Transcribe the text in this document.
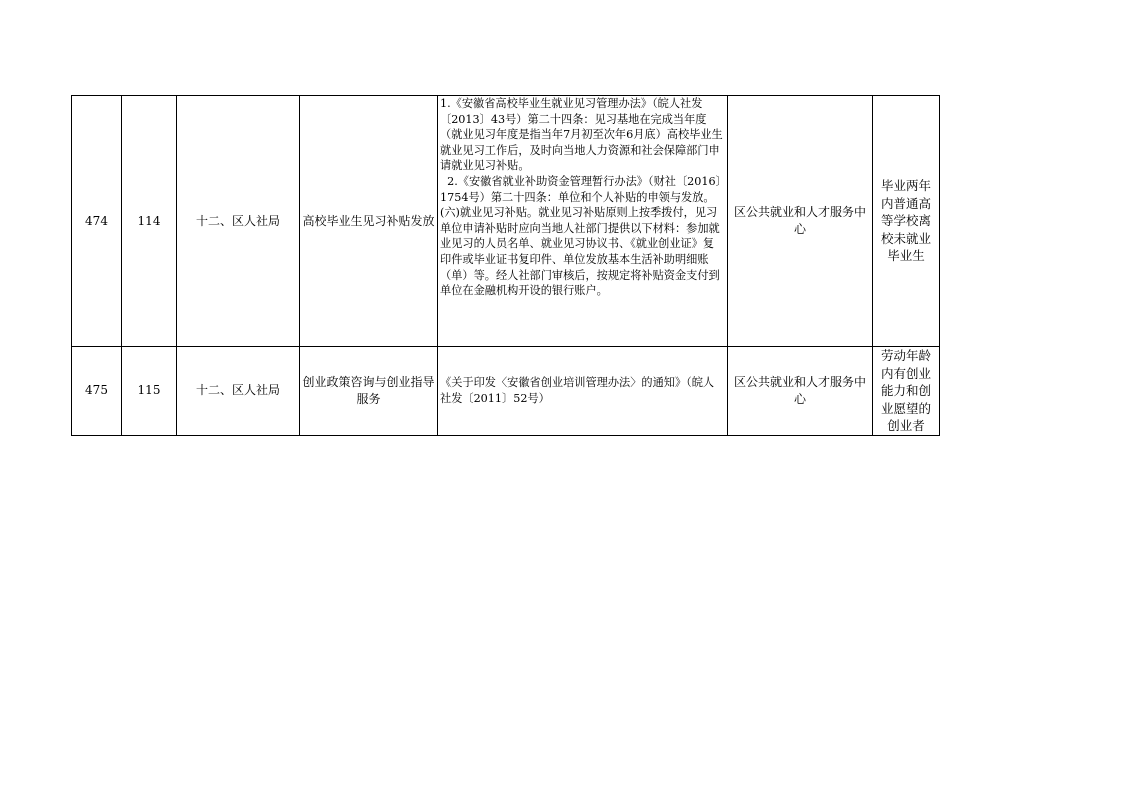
474	114	十二、区人社局	高校毕业生见习补贴发放	1.《安徽省高校毕业生就业见习管理办法》（皖人社发〔2013〕43号）第二十四条：见习基地在完成当年度（就业见习年度是指当年7月初至次年6月底）高校毕业生就业见习工作后，及时向当地人力资源和社会保障部门申请就业见习补贴。

2.《安徽省就业补助资金管理暂行办法》（财社〔2016〕1754号）第二十四条：单位和个人补贴的申领与发放。(六)就业见习补贴。就业见习补贴原则上按季拨付，见习单位申请补贴时应向当地人社部门提供以下材料：参加就业见习的人员名单、就业见习协议书、《就业创业证》复印件或毕业证书复印件、单位发放基本生活补助明细账（单）等。经人社部门审核后，按规定将补贴资金支付到单位在金融机构开设的银行账户。	区公共就业和人才服务中心	毕业两年内普通高等学校离校未就业毕业生
475	115	十二、区人社局	创业政策咨询与创业指导服务	《关于印发〈安徽省创业培训管理办法〉的通知》（皖人社发〔2011〕52号）	区公共就业和人才服务中心	劳动年龄内有创业能力和创业愿望的创业者
